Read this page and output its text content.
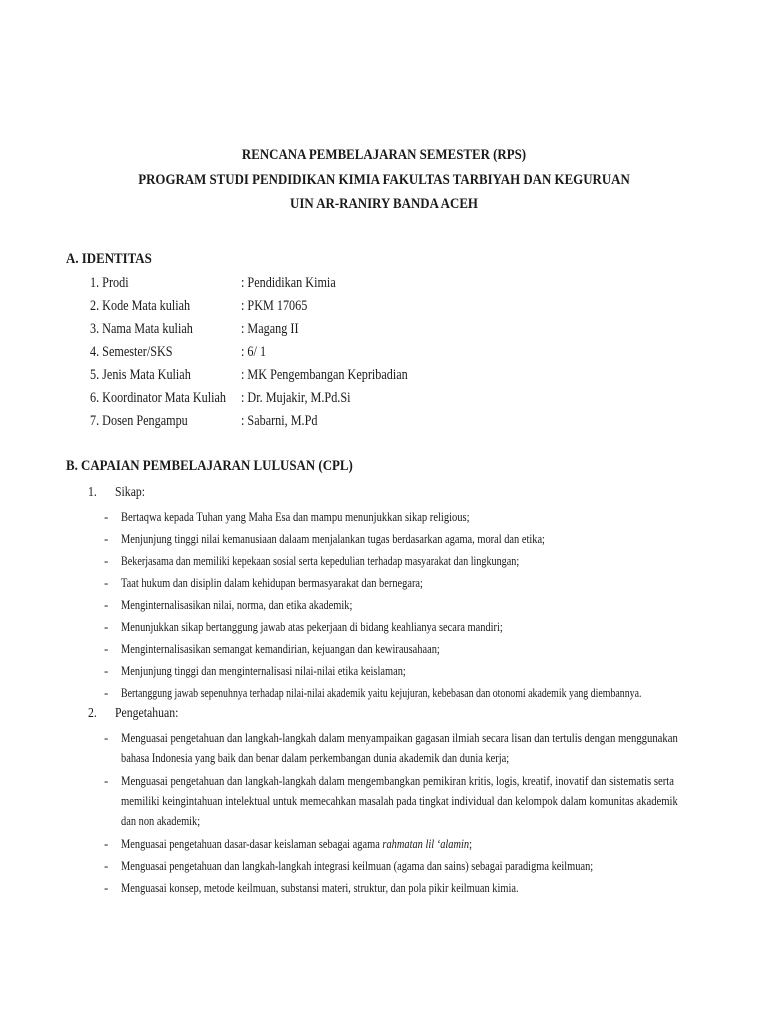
RENCANA PEMBELAJARAN SEMESTER (RPS)
PROGRAM STUDI PENDIDIKAN KIMIA FAKULTAS TARBIYAH DAN KEGURUAN
UIN AR-RANIRY BANDA ACEH
A. IDENTITAS
1. Prodi	: Pendidikan Kimia
2. Kode Mata kuliah	: PKM 17065
3. Nama Mata kuliah	: Magang II
4. Semester/SKS	: 6/ 1
5. Jenis Mata Kuliah	: MK Pengembangan Kepribadian
6. Koordinator Mata Kuliah : Dr. Mujakir, M.Pd.Si
7. Dosen Pengampu	: Sabarni, M.Pd
B. CAPAIAN PEMBELAJARAN LULUSAN (CPL)
1. Sikap:
- Bertaqwa kepada Tuhan yang Maha Esa dan mampu menunjukkan sikap religious;
- Menjunjung tinggi nilai kemanusiaan dalaam menjalankan tugas berdasarkan agama, moral dan etika;
- Bekerjasama dan memiliki kepekaan sosial serta kepedulian terhadap masyarakat dan lingkungan;
- Taat hukum dan disiplin dalam kehidupan bermasyarakat dan bernegara;
- Menginternalisasikan nilai, norma, dan etika akademik;
- Menunjukkan sikap bertanggung jawab atas pekerjaan di bidang keahlianya secara mandiri;
- Menginternalisasikan semangat kemandirian, kejuangan dan kewirausahaan;
- Menjunjung tinggi dan menginternalisasi nilai-nilai etika keislaman;
- Bertanggung jawab sepenuhnya terhadap nilai-nilai akademik yaitu kejujuran, kebebasan dan otonomi akademik yang diembannya.
2. Pengetahuan:
- Menguasai pengetahuan dan langkah-langkah dalam menyampaikan gagasan ilmiah secara lisan dan tertulis dengan menggunakan
bahasa Indonesia yang baik dan benar dalam perkembangan dunia akademik dan dunia kerja;
- Menguasai pengetahuan dan langkah-langkah dalam mengembangkan pemikiran kritis, logis, kreatif, inovatif dan sistematis serta
memiliki keingintahuan intelektual untuk memecahkan masalah pada tingkat individual dan kelompok dalam komunitas akademik
dan non akademik;
- Menguasai pengetahuan dasar-dasar keislaman sebagai agama rahmatan lil ‘alamin;
- Menguasai pengetahuan dan langkah-langkah integrasi keilmuan (agama dan sains) sebagai paradigma keilmuan;
- Menguasai konsep, metode keilmuan, substansi materi, struktur, dan pola pikir keilmuan kimia.
